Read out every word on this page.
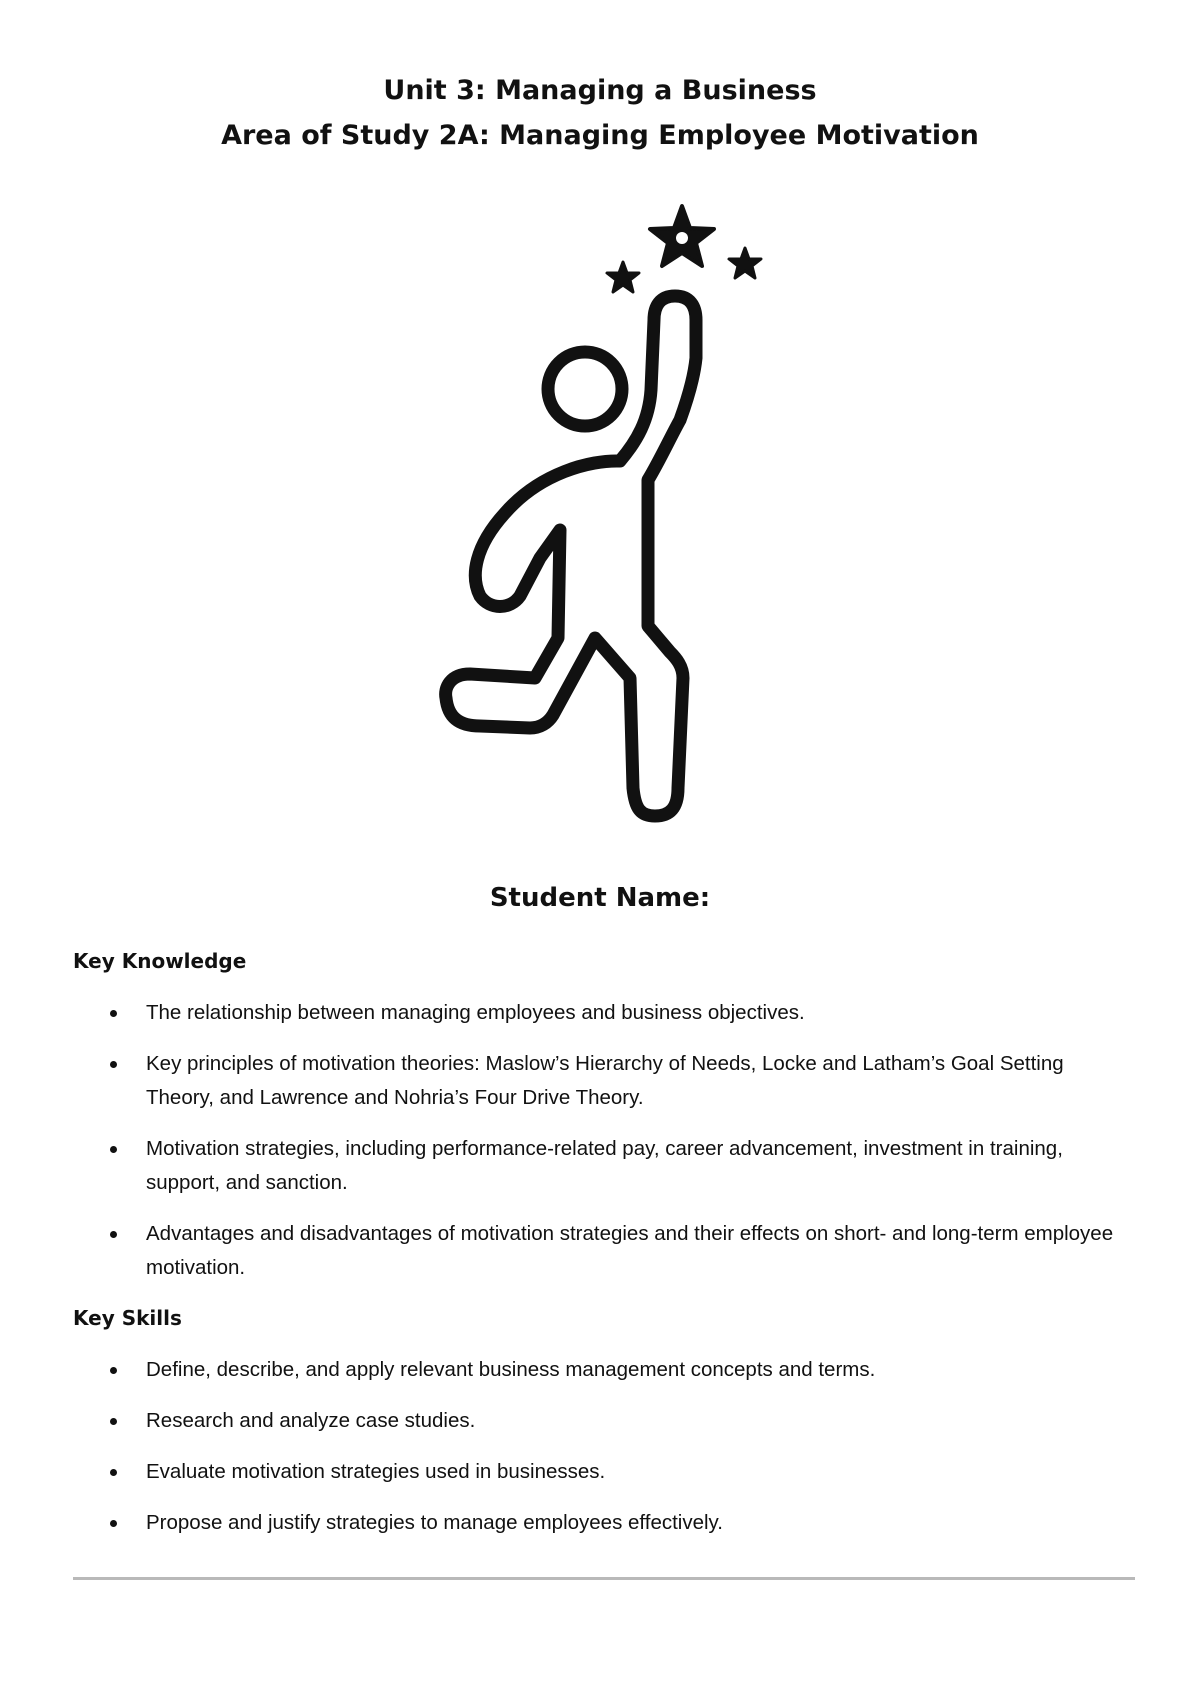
Unit 3: Managing a Business
Area of Study 2A: Managing Employee Motivation
Student Name:
Key Knowledge
The relationship between managing employees and business objectives.
Key principles of motivation theories: Maslow’s Hierarchy of Needs, Locke and Latham’s Goal Setting Theory, and Lawrence and Nohria’s Four Drive Theory.
Motivation strategies, including performance-related pay, career advancement, investment in training, support, and sanction.
Advantages and disadvantages of motivation strategies and their effects on short- and long-term employee motivation.
Key Skills
Define, describe, and apply relevant business management concepts and terms.
Research and analyze case studies.
Evaluate motivation strategies used in businesses.
Propose and justify strategies to manage employees effectively.
